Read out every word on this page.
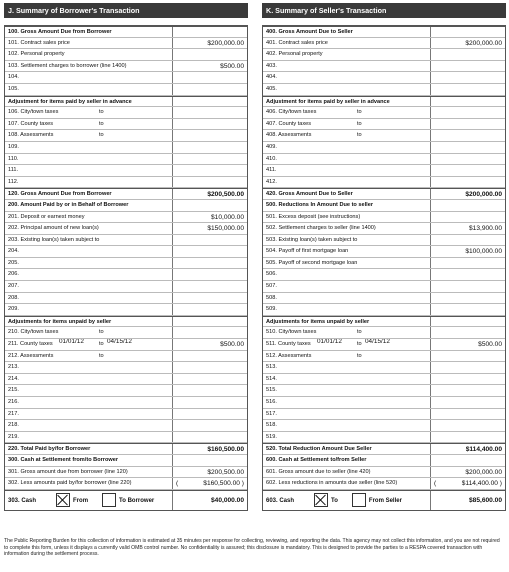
J. Summary of Borrower's Transaction
100. Gross Amount Due from Borrower
101. Contract sales price	$200,000.00
102. Personal property
103. Settlement charges to borrower (line 1400)	$500.00
104.
105.
Adjustment for items paid by seller in advance
106. City/town taxes	to
107. County taxes	to
108. Assessments	to
109.
110.
111.
112.
120. Gross Amount Due from Borrower	$200,500.00
200. Amount Paid by or in Behalf of Borrower
201. Deposit or earnest money	$10,000.00
202. Principal amount of new loan(s)	$150,000.00
203. Existing loan(s) taken subject to
204.
205.
206.
207.
208.
209.
Adjustments for items unpaid by seller
210. City/town taxes	to
211. County taxes 01/01/12	to 04/15/12	$500.00
212. Assessments	to
213.
214.
215.
216.
217.
218.
219.
220. Total Paid by/for Borrower	$160,500.00
300. Cash at Settlement from/to Borrower
301. Gross amount due from borrower (line 120)	$200,500.00
302. Less amounts paid by/for borrower (line 220)	(	$160,500.00 )
303. Cash	From	To Borrower	$40,000.00
K. Summary of Seller's Transaction
400. Gross Amount Due to Seller
401. Contract sales price	$200,000.00
402. Personal property
403.
404.
405.
Adjustment for items paid by seller in advance
406. City/town taxes	to
407. County taxes	to
408. Assessments	to
409.
410.
411.
412.
420. Gross Amount Due to Seller	$200,000.00
500. Reductions In Amount Due to seller
501. Excess deposit (see instructions)
502. Settlement charges to seller (line 1400)	$13,900.00
503. Existing loan(s) taken subject to
504. Payoff of first mortgage loan	$100,000.00
505. Payoff of second mortgage loan
506.
507.
508.
509.
Adjustments for items unpaid by seller
510. City/town taxes	to
511. County taxes 01/01/12	to 04/15/12	$500.00
512. Assessments	to
513.
514.
515.
516.
517.
518.
519.
520. Total Reduction Amount Due Seller	$114,400.00
600. Cash at Settlement to/from Seller
601. Gross amount due to seller (line 420)	$200,000.00
602. Less reductions in amounts due seller (line 520)	(	$114,400.00 )
603. Cash	To	From Seller	$85,600.00
The Public Reporting Burden for this collection of information is estimated at 35 minutes per response for collecting, reviewing, and reporting the data. This agency may not collect this information, and you are not required to complete this form, unless it displays a currently valid OMB control number. No confidentiality is assured; this disclosure is mandatory. This is designed to provide the parties to a RESPA covered transaction with information during the settlement process.
